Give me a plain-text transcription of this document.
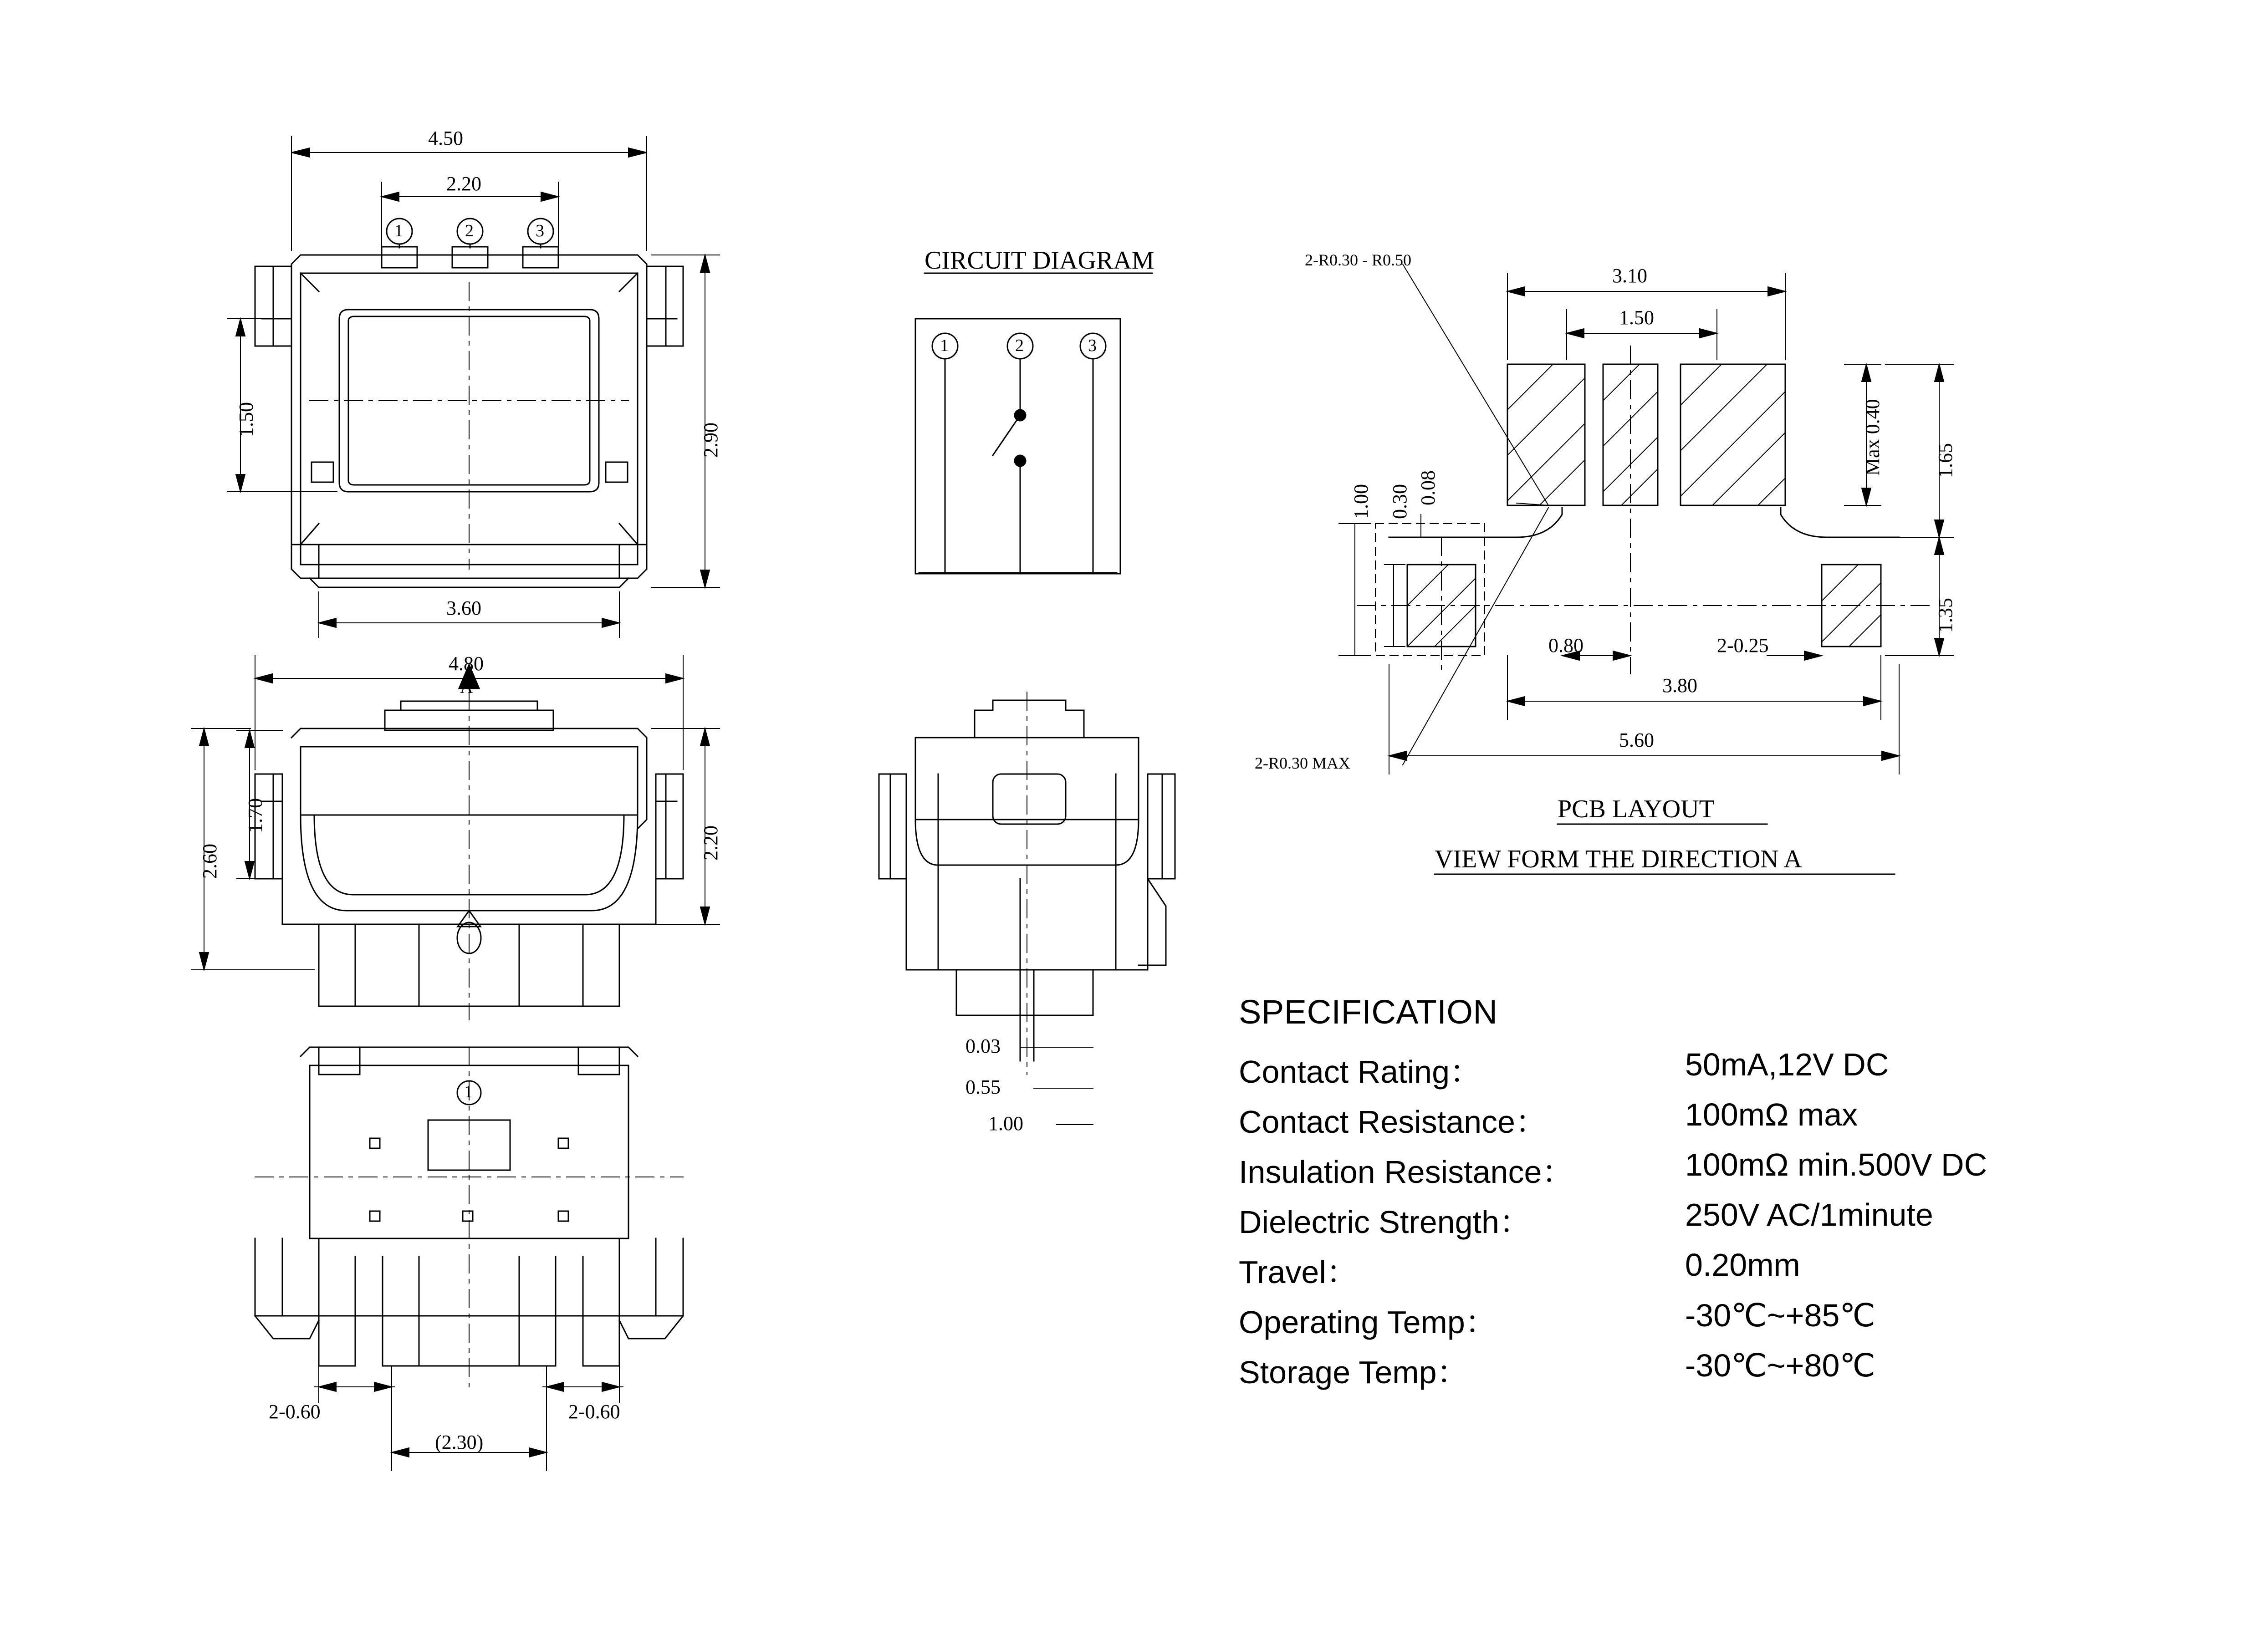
4.50
2.20
1.50
2.90
3.60
1	2	3
4.80
2.60
1.70
2.20
A
2-0.60	2-0.60
(2.30)
1
0.03
0.55
1.00
CIRCUIT DIAGRAM
1	2	3
3.10
1.50
Max 0.40	1.65
1.35
1.00 0.30 0.08
0.80	2-0.25
3.80
5.60
2-R0.30 - R0.50
2-R0.30 MAX
PCB LAYOUT
VIEW FORM THE DIRECTION A
SPECIFICATION
Contact Rating：	50mA,12V DC
Contact Resistance：	100mΩ max
Insulation Resistance：	100mΩ min.500V DC
Dielectric Strength：	250V AC/1minute
Travel：	0.20mm
Operating Temp：	-30℃~+85℃
Storage Temp：	-30℃~+80℃
